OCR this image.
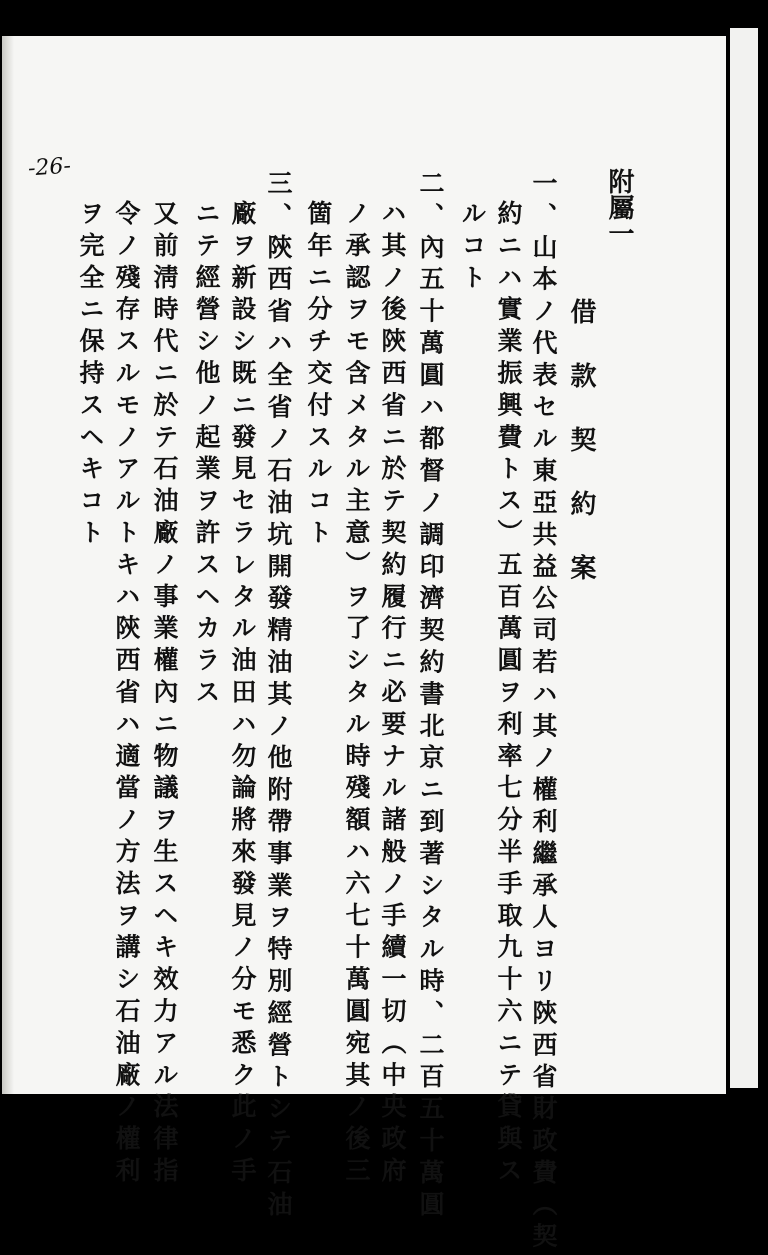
-26-
附屬一
借款契約案
一、山本ノ代表セル東亞共益公司若ハ其ノ權利繼承人ヨリ陝西省財政費（契
約ニハ實業振興費トス）五百萬圓ヲ利率七分半手取九十六ニテ貸與ス
ルコト
二、內五十萬圓ハ都督ノ調印濟契約書北京ニ到著シタル時、二百五十萬圓
ハ其ノ後陝西省ニ於テ契約履行ニ必要ナル諸般ノ手續一切（中央政府
ノ承認ヲモ含メタル主意）ヲ了シタル時殘額ハ六七十萬圓宛其ノ後三
箇年ニ分チ交付スルコト
三、陝西省ハ全省ノ石油坑開發精油其ノ他附帶事業ヲ特別經營トシテ石油
廠ヲ新設シ既ニ發見セラレタル油田ハ勿論將來發見ノ分モ悉ク此ノ手
ニテ經營シ他ノ起業ヲ許スヘカラス
又前淸時代ニ於テ石油廠ノ事業權內ニ物議ヲ生スヘキ效力アル法律指
令ノ殘存スルモノアルトキハ陝西省ハ適當ノ方法ヲ講シ石油廠ノ權利
ヲ完全ニ保持スヘキコト
